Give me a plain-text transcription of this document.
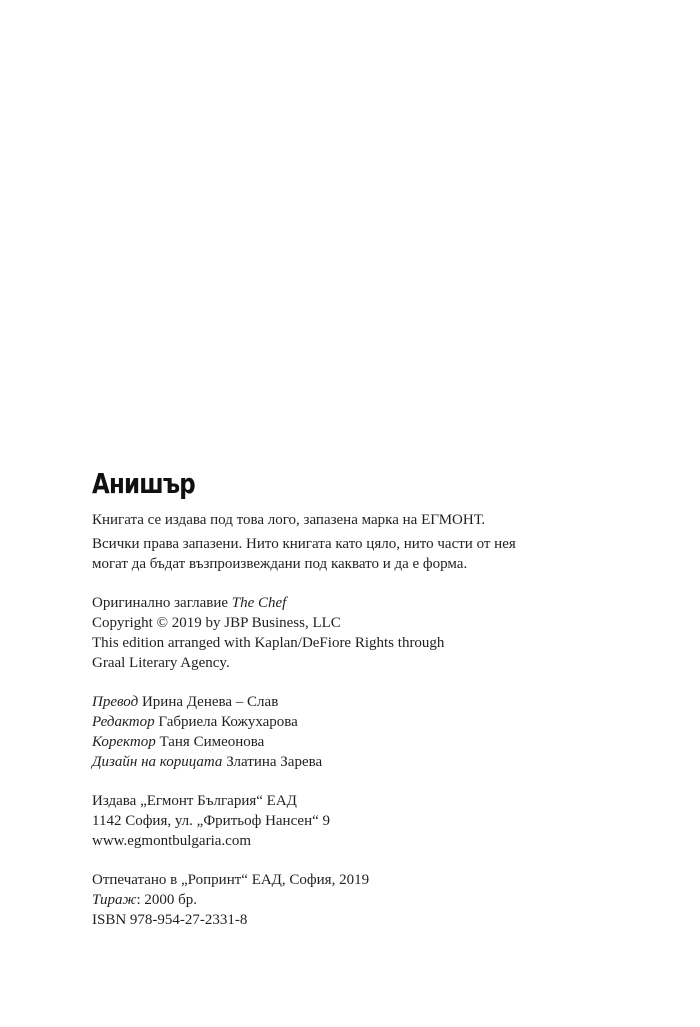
Анишър
Книгата се издава под това лого, запазена марка на ЕГМОНТ.
Всички права запазени. Нито книгата като цяло, нито части от нея
могат да бъдат възпроизвеждани под каквато и да е форма.
Оригинално заглавие The Chef
Copyright © 2019 by JBP Business, LLC
This edition arranged with Kaplan/DeFiore Rights through
Graal Literary Agency.
Превод Ирина Денева – Слав
Редактор Габриела Кожухарова
Коректор Таня Симеонова
Дизайн на корицата Златина Зарева
Издава „Егмонт България“ ЕАД
1142 София, ул. „Фритьоф Нансен“ 9
www.egmontbulgaria.com
Отпечатано в „Ропринт“ ЕАД, София, 2019
Тираж: 2000 бр.
ISBN 978-954-27-2331-8
